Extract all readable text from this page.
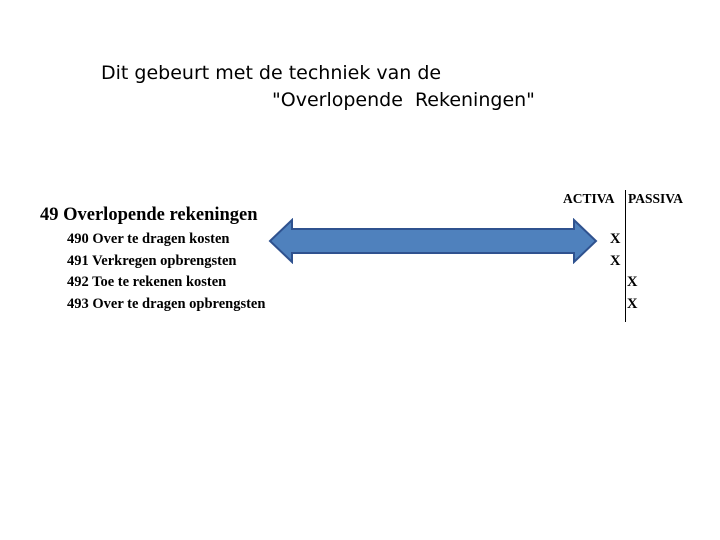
Dit gebeurt met de techniek van de
"Overlopende  Rekeningen"
49 Overlopende rekeningen
490 Over te dragen kosten
491 Verkregen opbrengsten
492 Toe te rekenen kosten
493 Over te dragen opbrengsten
ACTIVA PASSIVA
X
X
X
X
